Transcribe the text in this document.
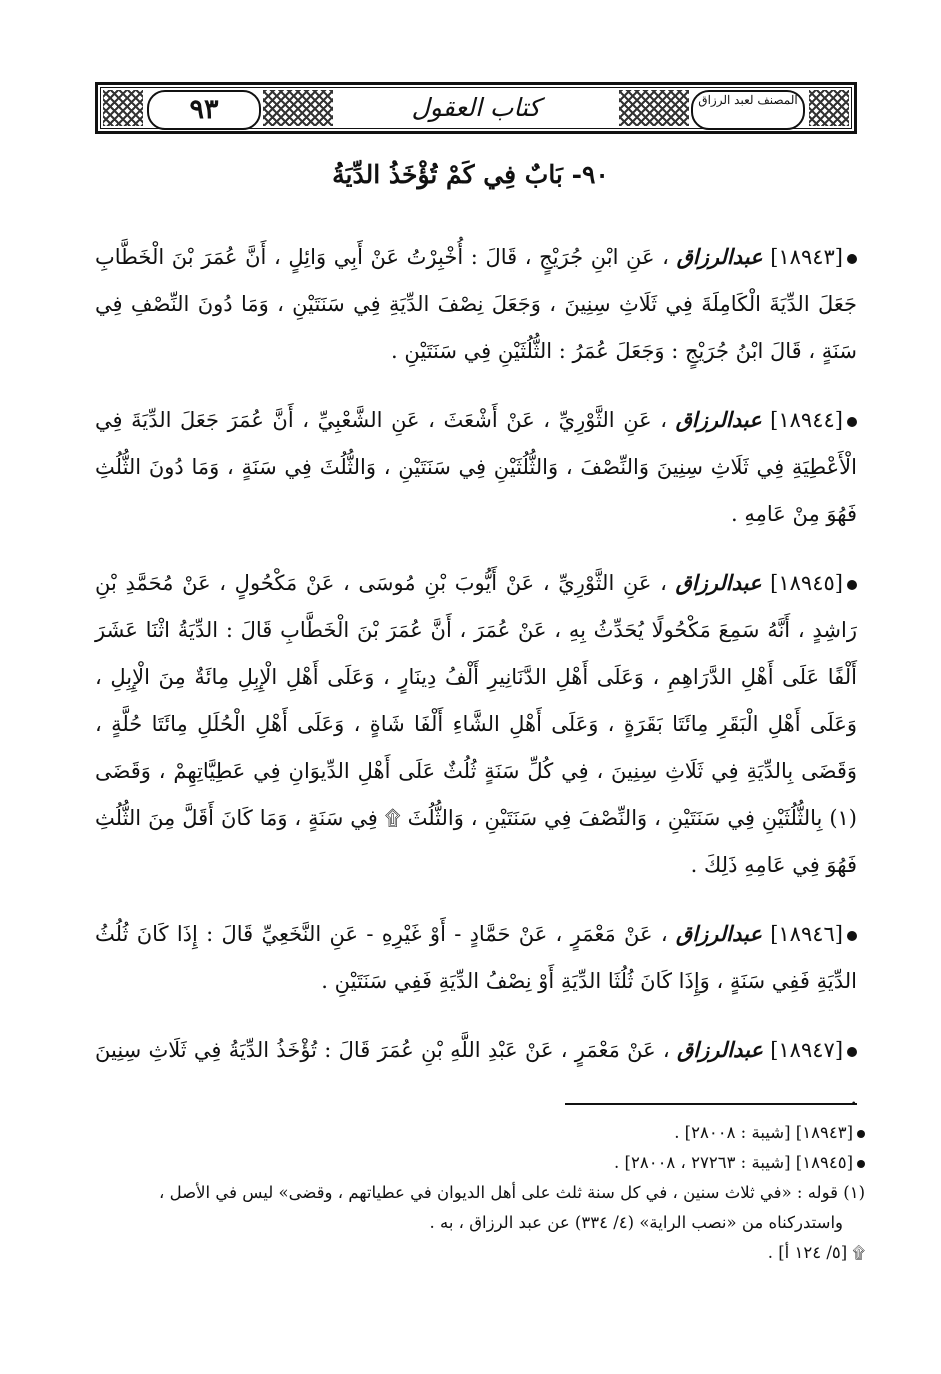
٩٣	كتاب العقول	المصنف لعبد الرزاق
٩٠- بَابٌ فِي كَمْ تُؤْخَذُ الدِّيَةُ

[١٨٩٤٣] عبدالرزاق ، عَنِ ابْنِ جُرَيْجٍ ، قَالَ : أُخْبِرْتُ عَنْ أَبِي وَائِلٍ ، أَنَّ عُمَرَ بْنَ الْخَطَّابِ جَعَلَ الدِّيَةَ الْكَامِلَةَ فِي ثَلَاثِ سِنِينَ ، وَجَعَلَ نِصْفَ الدِّيَةِ فِي سَنَتَيْنِ ، وَمَا دُونَ النِّصْفِ فِي سَنَةٍ ، قَالَ ابْنُ جُرَيْجٍ : وَجَعَلَ عُمَرُ : الثُّلُثَيْنِ فِي سَنَتَيْنِ .

[١٨٩٤٤] عبدالرزاق ، عَنِ الثَّوْرِيِّ ، عَنْ أَشْعَثَ ، عَنِ الشَّعْبِيِّ ، أَنَّ عُمَرَ جَعَلَ الدِّيَةَ فِي الْأَعْطِيَةِ فِي ثَلَاثِ سِنِينَ وَالنِّصْفَ ، وَالثُّلُثَيْنِ فِي سَنَتَيْنِ ، وَالثُّلُثَ فِي سَنَةٍ ، وَمَا دُونَ الثُّلُثِ فَهُوَ مِنْ عَامِهِ .

[١٨٩٤٥] عبدالرزاق ، عَنِ الثَّوْرِيِّ ، عَنْ أَيُّوبَ بْنِ مُوسَى ، عَنْ مَكْحُولٍ ، عَنْ مُحَمَّدِ بْنِ رَاشِدٍ ، أَنَّهُ سَمِعَ مَكْحُولًا يُحَدِّثُ بِهِ ، عَنْ عُمَرَ ، أَنَّ عُمَرَ بْنَ الْخَطَّابِ قَالَ : الدِّيَةُ اثْنَا عَشَرَ أَلْفًا عَلَى أَهْلِ الدَّرَاهِمِ ، وَعَلَى أَهْلِ الدَّنَانِيرِ أَلْفُ دِينَارٍ ، وَعَلَى أَهْلِ الْإِبِلِ مِائَةٌ مِنَ الْإِبِلِ ، وَعَلَى أَهْلِ الْبَقَرِ مِائَتَا بَقَرَةٍ ، وَعَلَى أَهْلِ الشَّاءِ أَلْفَا شَاةٍ ، وَعَلَى أَهْلِ الْحُلَلِ مِائَتَا حُلَّةٍ ، وَقَضَى بِالدِّيَةِ فِي ثَلَاثِ سِنِينَ ، فِي كُلِّ سَنَةٍ ثُلُثٌ عَلَى أَهْلِ الدِّيوَانِ فِي عَطِيَّاتِهِمْ ، وَقَضَى (١) بِالثُّلُثَيْنِ فِي سَنَتَيْنِ ، وَالنِّصْفَ فِي سَنَتَيْنِ ، وَالثُّلُثَ ۩ فِي سَنَةٍ ، وَمَا كَانَ أَقَلَّ مِنَ الثُّلُثِ فَهُوَ فِي عَامِهِ ذَلِكَ .

[١٨٩٤٦] عبدالرزاق ، عَنْ مَعْمَرٍ ، عَنْ حَمَّادٍ - أَوْ غَيْرِهِ - عَنِ النَّخَعِيِّ قَالَ : إِذَا كَانَ ثُلُثُ الدِّيَةِ فَفِي سَنَةٍ ، وَإِذَا كَانَ ثُلُثَا الدِّيَةِ أَوْ نِصْفُ الدِّيَةِ فَفِي سَنَتَيْنِ .

[١٨٩٤٧] عبدالرزاق ، عَنْ مَعْمَرٍ ، عَنْ عَبْدِ اللَّهِ بْنِ عُمَرَ قَالَ : تُؤْخَذُ الدِّيَةُ فِي ثَلَاثِ سِنِينَ .

[١٨٩٤٣] [شيبة : ٢٨٠٠٨] .
[١٨٩٤٥] [شيبة : ٢٧٢٦٣ ، ٢٨٠٠٨] .
(١) قوله : «في ثلاث سنين ، في كل سنة ثلث على أهل الديوان في عطياتهم ، وقضى» ليس في الأصل ،
واستدركناه من «نصب الراية» (٤/ ٣٣٤) عن عبد الرزاق ، به .
۩ [٥/ ١٢٤ أ] .
